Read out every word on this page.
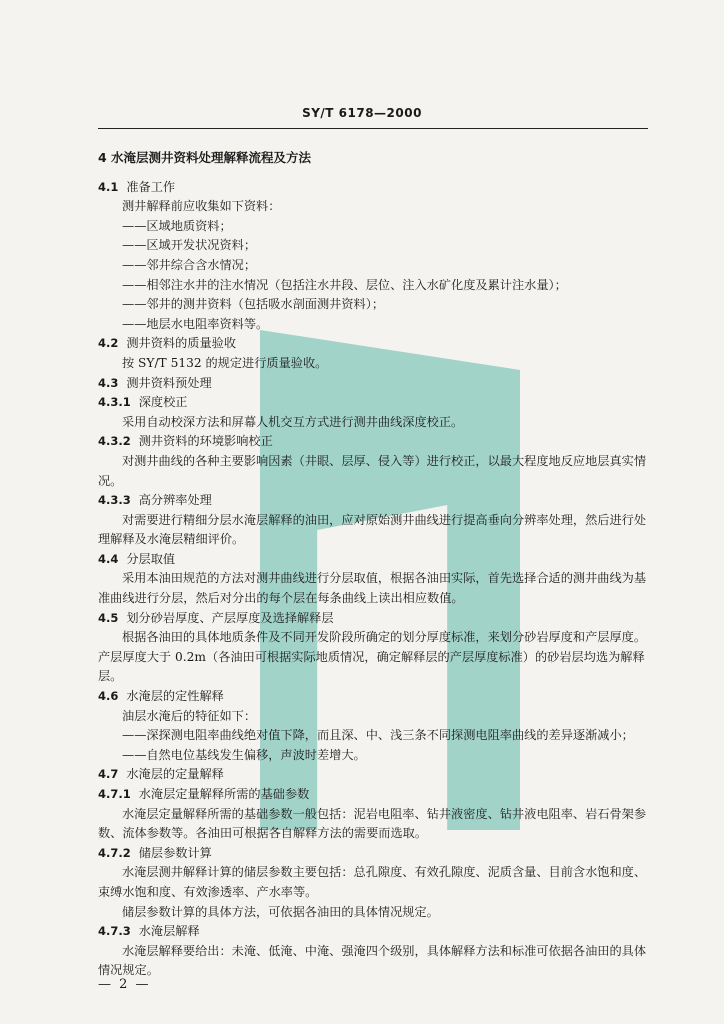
SY/T 6178—2000

4 水淹层测井资料处理解释流程及方法

4.1 准备工作

测井解释前应收集如下资料：

——区域地质资料；

——区域开发状况资料；

——邻井综合含水情况；

——相邻注水井的注水情况（包括注水井段、层位、注入水矿化度及累计注水量）；

——邻井的测井资料（包括吸水剖面测井资料）；

——地层水电阻率资料等。

4.2 测井资料的质量验收

按 SY/T 5132 的规定进行质量验收。

4.3 测井资料预处理

4.3.1 深度校正

采用自动校深方法和屏幕人机交互方式进行测井曲线深度校正。

4.3.2 测井资料的环境影响校正

对测井曲线的各种主要影响因素（井眼、层厚、侵入等）进行校正，以最大程度地反应地层真实情况。

4.3.3 高分辨率处理

对需要进行精细分层水淹层解释的油田，应对原始测井曲线进行提高垂向分辨率处理，然后进行处理解释及水淹层精细评价。

4.4 分层取值

采用本油田规范的方法对测井曲线进行分层取值，根据各油田实际，首先选择合适的测井曲线为基准曲线进行分层，然后对分出的每个层在每条曲线上读出相应数值。

4.5 划分砂岩厚度、产层厚度及选择解释层

根据各油田的具体地质条件及不同开发阶段所确定的划分厚度标准，来划分砂岩厚度和产层厚度。产层厚度大于 0.2m（各油田可根据实际地质情况，确定解释层的产层厚度标准）的砂岩层均选为解释层。

4.6 水淹层的定性解释

油层水淹后的特征如下：

——深探测电阻率曲线绝对值下降，而且深、中、浅三条不同探测电阻率曲线的差异逐渐减小；

——自然电位基线发生偏移，声波时差增大。

4.7 水淹层的定量解释

4.7.1 水淹层定量解释所需的基础参数

水淹层定量解释所需的基础参数一般包括：泥岩电阻率、钻井液密度、钻井液电阻率、岩石骨架参数、流体参数等。各油田可根据各自解释方法的需要而选取。

4.7.2 储层参数计算

水淹层测井解释计算的储层参数主要包括：总孔隙度、有效孔隙度、泥质含量、目前含水饱和度、束缚水饱和度、有效渗透率、产水率等。

储层参数计算的具体方法，可依据各油田的具体情况规定。

4.7.3 水淹层解释

水淹层解释要给出：未淹、低淹、中淹、强淹四个级别，具体解释方法和标准可依据各油田的具体情况规定。

— 2 —
